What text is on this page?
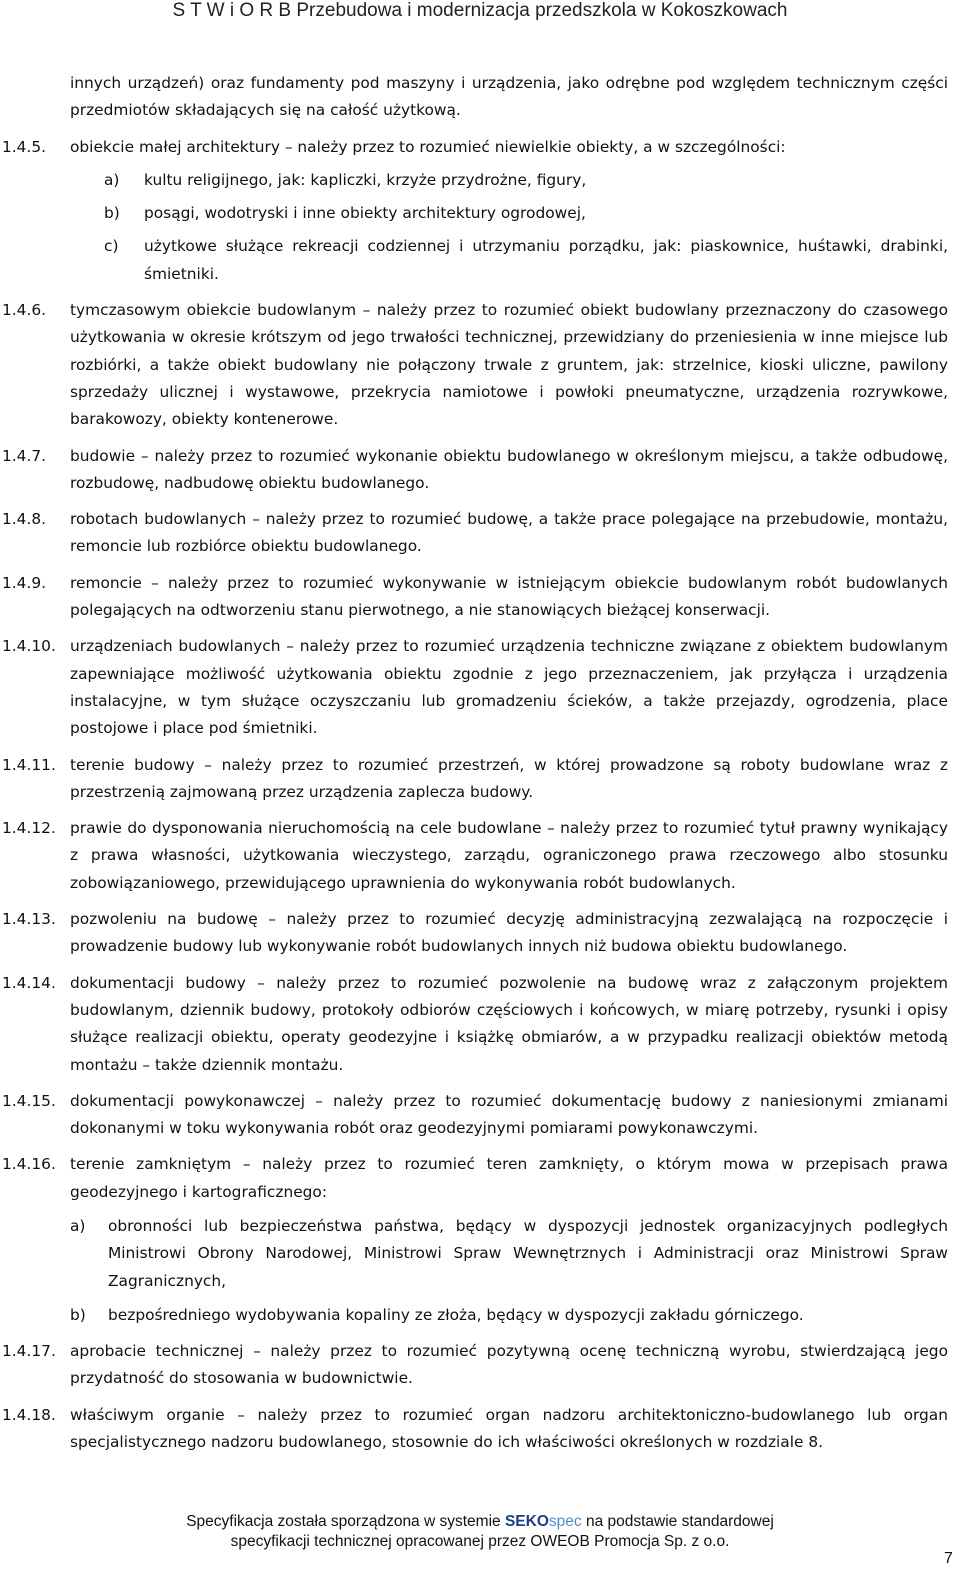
S T W i O R B Przebudowa i modernizacja przedszkola w Kokoszkowach
innych urządzeń) oraz fundamenty pod maszyny i urządzenia, jako odrębne pod względem technicznym części przedmiotów składających się na całość użytkową.
1.4.5.	obiekcie małej architektury – należy przez to rozumieć niewielkie obiekty, a w szczególności:
a) kultu religijnego, jak: kapliczki, krzyże przydrożne, figury,
b) posągi, wodotryski i inne obiekty architektury ogrodowej,
c) użytkowe służące rekreacji codziennej i utrzymaniu porządku, jak: piaskownice, huśtawki, drabinki, śmietniki.
1.4.6.	tymczasowym obiekcie budowlanym – należy przez to rozumieć obiekt budowlany przeznaczony do czasowego użytkowania w okresie krótszym od jego trwałości technicznej, przewidziany do przeniesienia w inne miejsce lub rozbiórki, a także obiekt budowlany nie połączony trwale z gruntem, jak: strzelnice, kioski uliczne, pawilony sprzedaży ulicznej i wystawowe, przekrycia namiotowe i powłoki pneumatyczne, urządzenia rozrywkowe, barakowozy, obiekty kontenerowe.
1.4.7.	budowie – należy przez to rozumieć wykonanie obiektu budowlanego w określonym miejscu, a także odbudowę, rozbudowę, nadbudowę obiektu budowlanego.
1.4.8.	robotach budowlanych – należy przez to rozumieć budowę, a także prace polegające na przebudowie, montażu, remoncie lub rozbiórce obiektu budowlanego.
1.4.9.	remoncie – należy przez to rozumieć wykonywanie w istniejącym obiekcie budowlanym robót budowlanych polegających na odtworzeniu stanu pierwotnego, a nie stanowiących bieżącej konserwacji.
1.4.10. urządzeniach budowlanych – należy przez to rozumieć urządzenia techniczne związane z obiektem budowlanym zapewniające możliwość użytkowania obiektu zgodnie z jego przeznaczeniem, jak przyłącza i urządzenia instalacyjne, w tym służące oczyszczaniu lub gromadzeniu ścieków, a także przejazdy, ogrodzenia, place postojowe i place pod śmietniki.
1.4.11. terenie budowy – należy przez to rozumieć przestrzeń, w której prowadzone są roboty budowlane wraz z przestrzenią zajmowaną przez urządzenia zaplecza budowy.
1.4.12. prawie do dysponowania nieruchomością na cele budowlane – należy przez to rozumieć tytuł prawny wynikający z prawa własności, użytkowania wieczystego, zarządu, ograniczonego prawa rzeczowego albo stosunku zobowiązaniowego, przewidującego uprawnienia do wykonywania robót budowlanych.
1.4.13. pozwoleniu na budowę – należy przez to rozumieć decyzję administracyjną zezwalającą na rozpoczęcie i prowadzenie budowy lub wykonywanie robót budowlanych innych niż budowa obiektu budowlanego.
1.4.14. dokumentacji budowy – należy przez to rozumieć pozwolenie na budowę wraz z załączonym projektem budowlanym, dziennik budowy, protokoły odbiorów częściowych i końcowych, w miarę potrzeby, rysunki i opisy służące realizacji obiektu, operaty geodezyjne i książkę obmiarów, a w przypadku realizacji obiektów metodą montażu – także dziennik montażu.
1.4.15. dokumentacji powykonawczej – należy przez to rozumieć dokumentację budowy z naniesionymi zmianami dokonanymi w toku wykonywania robót oraz geodezyjnymi pomiarami powykonawczymi.
1.4.16. terenie zamkniętym – należy przez to rozumieć teren zamknięty, o którym mowa w przepisach prawa geodezyjnego i kartograficznego:
a) obronności lub bezpieczeństwa państwa, będący w dyspozycji jednostek organizacyjnych podległych Ministrowi Obrony Narodowej, Ministrowi Spraw Wewnętrznych i Administracji oraz Ministrowi Spraw Zagranicznych,
b) bezpośredniego wydobywania kopaliny ze złoża, będący w dyspozycji zakładu górniczego.
1.4.17. aprobacie technicznej – należy przez to rozumieć pozytywną ocenę techniczną wyrobu, stwierdzającą jego przydatność do stosowania w budownictwie.
1.4.18. właściwym organie – należy przez to rozumieć organ nadzoru architektoniczno-budowlanego lub organ specjalistycznego nadzoru budowlanego, stosownie do ich właściwości określonych w rozdziale 8.
Specyfikacja została sporządzona w systemie SEKOspec na podstawie standardowej
specyfikacji technicznej opracowanej przez OWEOB Promocja Sp. z o.o.
7
